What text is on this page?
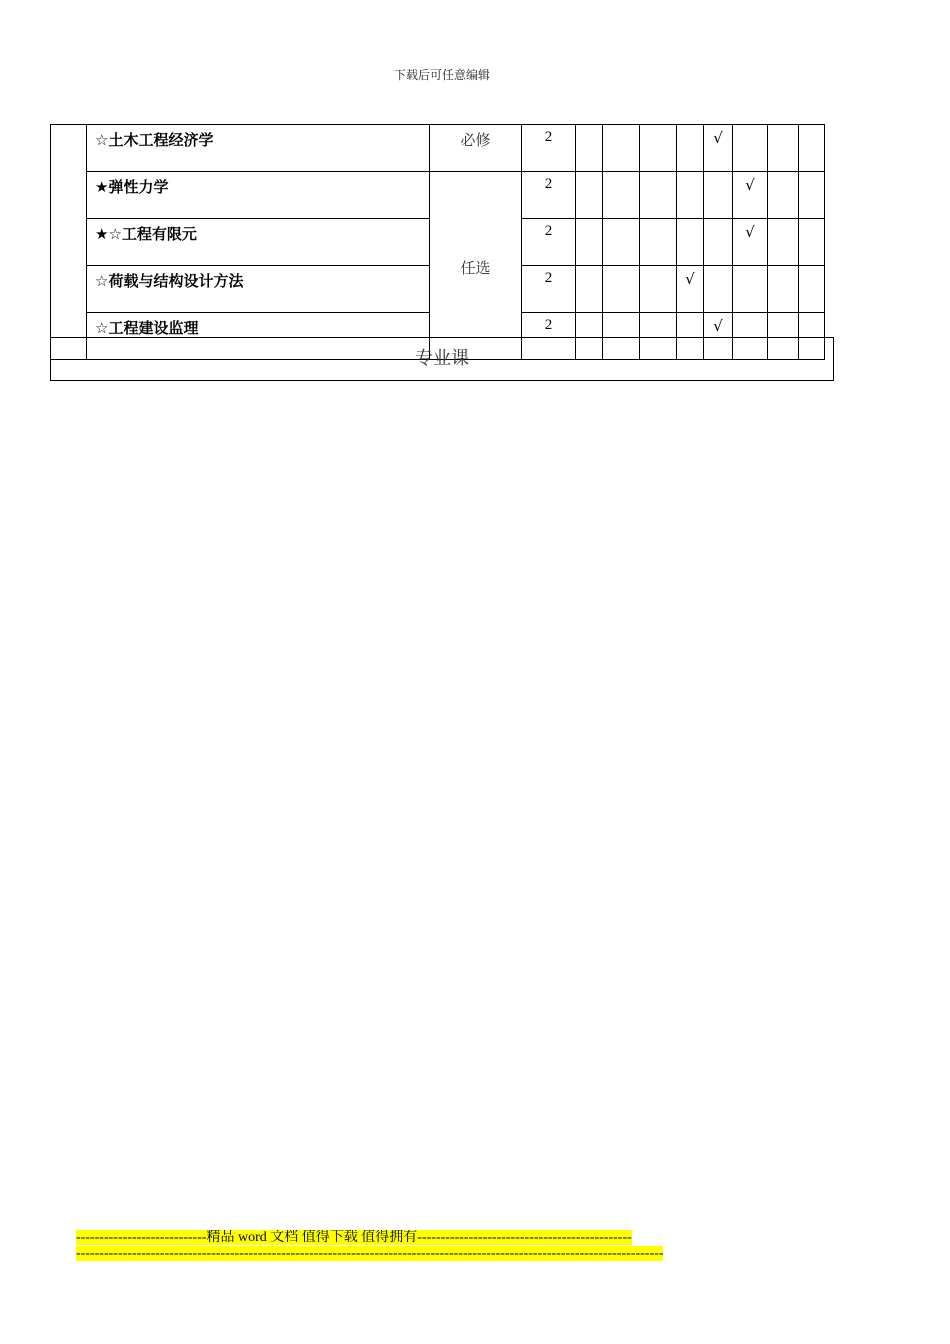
下载后可任意编辑
	☆土木工程经济学	必修	2					√			
	★弹性力学	任选	2						√		
	★☆工程有限元		2						√		
	☆荷载与结构设计方法		2				√				
	☆工程建设监理		2					√			
专业课
----------------------------精品 word 文档 值得下载 值得拥有----------------------------------------------
------------------------------------------------------------------------------------------------------------------------------
